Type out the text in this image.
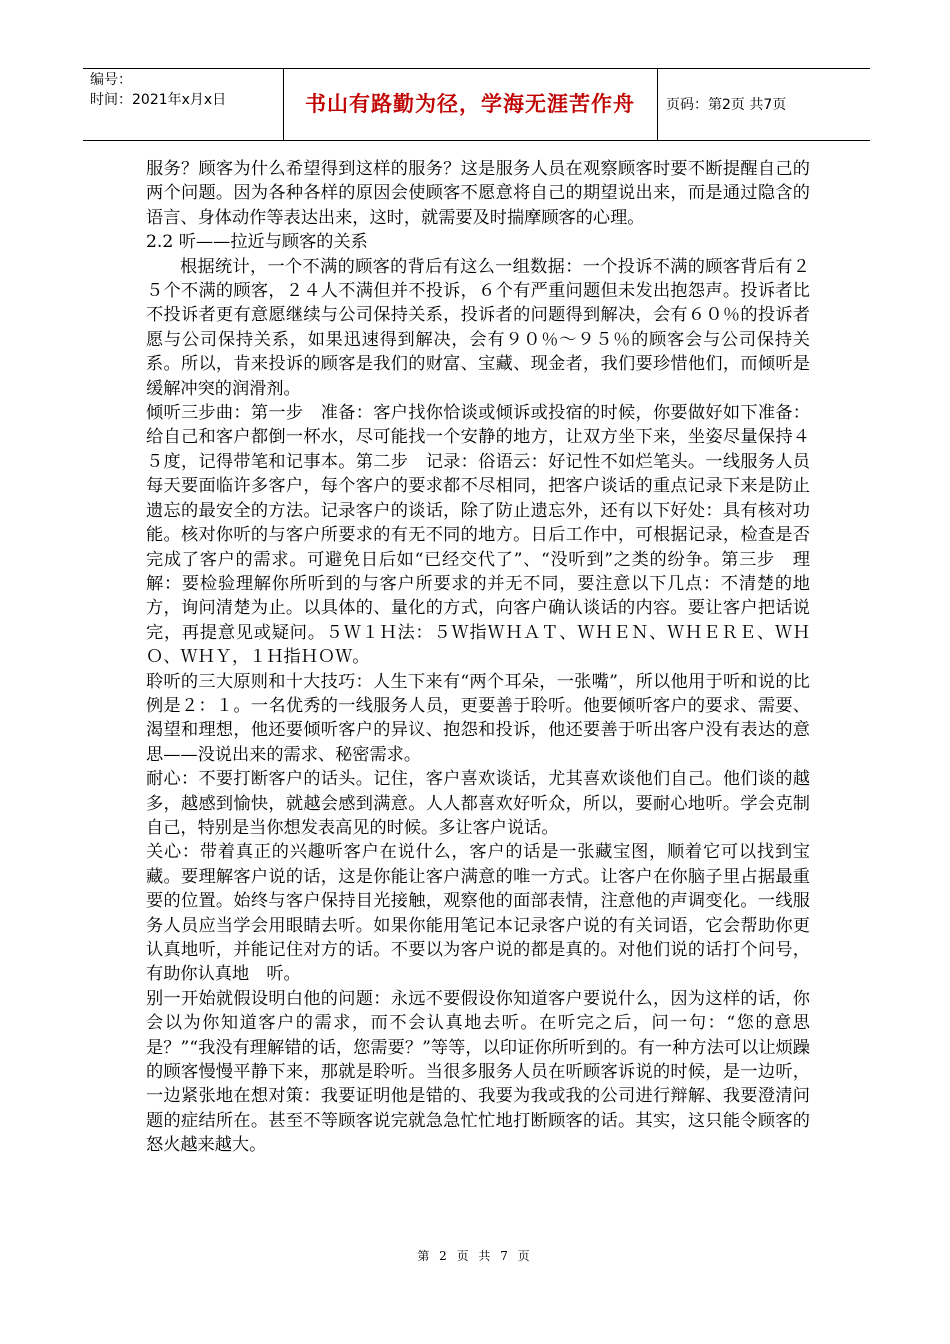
编号：
时间：2021年x月x日	书山有路勤为径，学海无涯苦作舟	页码：第2页 共7页

服务？顾客为什么希望得到这样的服务？这是服务人员在观察顾客时要不断提醒自己的两个问题。因为各种各样的原因会使顾客不愿意将自己的期望说出来，而是通过隐含的语言、身体动作等表达出来，这时，就需要及时揣摩顾客的心理。

2.2 听——拉近与顾客的关系

根据统计，一个不满的顾客的背后有这么一组数据：一个投诉不满的顾客背后有２５个不满的顾客，２４人不满但并不投诉，６个有严重问题但未发出抱怨声。投诉者比不投诉者更有意愿继续与公司保持关系，投诉者的问题得到解决，会有６０％的投诉者愿与公司保持关系，如果迅速得到解决，会有９０％～９５％的顾客会与公司保持关系。所以，肯来投诉的顾客是我们的财富、宝藏、现金者，我们要珍惜他们，而倾听是缓解冲突的润滑剂。

倾听三步曲：第一步　准备：客户找你恰谈或倾诉或投宿的时候，你要做好如下准备：给自己和客户都倒一杯水，尽可能找一个安静的地方，让双方坐下来，坐姿尽量保持４５度，记得带笔和记事本。第二步　记录：俗语云：好记性不如烂笔头。一线服务人员每天要面临许多客户，每个客户的要求都不尽相同，把客户谈话的重点记录下来是防止遗忘的最安全的方法。记录客户的谈话，除了防止遗忘外，还有以下好处：具有核对功能。核对你听的与客户所要求的有无不同的地方。日后工作中，可根据记录，检查是否完成了客户的需求。可避免日后如“已经交代了”、“没听到”之类的纷争。第三步　理解：要检验理解你所听到的与客户所要求的并无不同，要注意以下几点：不清楚的地方，询问清楚为止。以具体的、量化的方式，向客户确认谈话的内容。要让客户把话说完，再提意见或疑问。５Ｗ１Ｈ法：５Ｗ指ＷＨＡＴ、ＷＨＥＮ、ＷＨＥＲＥ、ＷＨＯ、ＷＨＹ，１Ｈ指ＨＯＷ。

聆听的三大原则和十大技巧：人生下来有“两个耳朵，一张嘴”，所以他用于听和说的比例是２：１。一名优秀的一线服务人员，更要善于聆听。他要倾听客户的要求、需要、渴望和理想，他还要倾听客户的异议、抱怨和投诉，他还要善于听出客户没有表达的意思——没说出来的需求、秘密需求。

耐心：不要打断客户的话头。记住，客户喜欢谈话，尤其喜欢谈他们自己。他们谈的越多，越感到愉快，就越会感到满意。人人都喜欢好听众，所以，要耐心地听。学会克制自己，特别是当你想发表高见的时候。多让客户说话。

关心：带着真正的兴趣听客户在说什么，客户的话是一张藏宝图，顺着它可以找到宝藏。要理解客户说的话，这是你能让客户满意的唯一方式。让客户在你脑子里占据最重要的位置。始终与客户保持目光接触，观察他的面部表情，注意他的声调变化。一线服务人员应当学会用眼睛去听。如果你能用笔记本记录客户说的有关词语，它会帮助你更认真地听，并能记住对方的话。不要以为客户说的都是真的。对他们说的话打个问号，有助你认真地　听。

别一开始就假设明白他的问题：永远不要假设你知道客户要说什么，因为这样的话，你会以为你知道客户的需求，而不会认真地去听。在听完之后，问一句：“您的意思是？”“我没有理解错的话，您需要？”等等，以印证你所听到的。有一种方法可以让烦躁的顾客慢慢平静下来，那就是聆听。当很多服务人员在听顾客诉说的时候，是一边听，一边紧张地在想对策：我要证明他是错的、我要为我或我的公司进行辩解、我要澄清问题的症结所在。甚至不等顾客说完就急急忙忙地打断顾客的话。其实，这只能令顾客的怒火越来越大。

第 2 页 共 7 页
